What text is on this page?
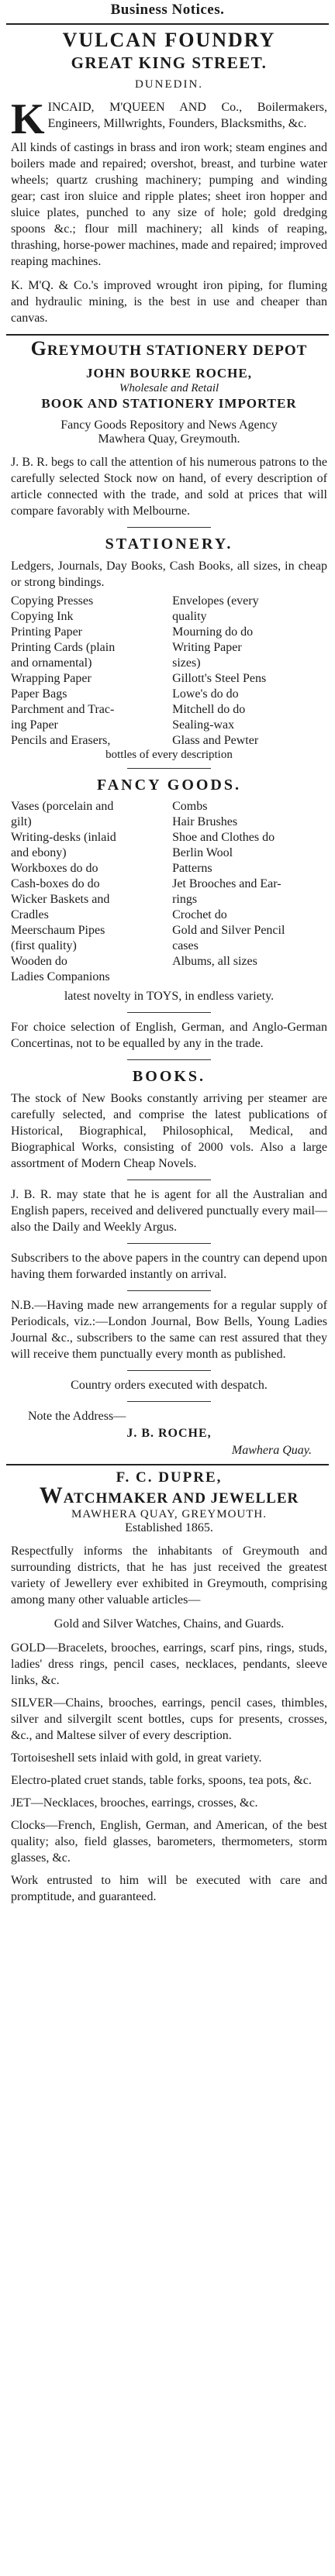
Business Notices.
VULCAN FOUNDRY
GREAT KING STREET.
DUNEDIN.

KINCAID, M'QUEEN AND Co., Boilermakers, Engineers, Millwrights, Founders, Blacksmiths, &c.

All kinds of castings in brass and iron work; steam engines and boilers made and repaired; overshot, breast, and turbine water wheels; quartz crushing machinery; pumping and winding gear; cast iron sluice and ripple plates; sheet iron hopper and sluice plates, punched to any size of hole; gold dredging spoons &c.; flour mill machinery; all kinds of reaping, thrashing, horse-power machines, made and repaired; improved reaping machines.

K. M'Q. & Co.'s improved wrought iron piping, for fluming and hydraulic mining, is the best in use and cheaper than canvas.

GREYMOUTH STATIONERY DEPOT
JOHN BOURKE ROCHE,
Wholesale and Retail
BOOK AND STATIONERY IMPORTER
Fancy Goods Repository and News Agency
Mawhera Quay, Greymouth.

J. B. R. begs to call the attention of his numerous patrons to the carefully selected Stock now on hand, of every description of article connected with the trade, and sold at prices that will compare favorably with Melbourne.

STATIONERY.

Ledgers, Journals, Day Books, Cash Books, all sizes, in cheap or strong bindings.

Copying Presses	Envelopes (every
Copying Ink	quality
Printing Paper	Mourning do do
Printing Cards (plain	Writing Paper
and ornamental)	sizes)
Wrapping Paper	Gillott's Steel Pens
Paper Bags	Lowe's do do
Parchment and Trac-	Mitchell do do
ing Paper	Sealing-wax
Pencils and Erasers,	Glass and Pewter
bottles of every description
FANCY GOODS.
Vases (porcelain and	Combs
gilt)	Hair Brushes
Writing-desks (inlaid	Shoe and Clothes do
and ebony)	Berlin Wool
Workboxes do do	Patterns
Cash-boxes do do	Jet Brooches and Ear-
Wicker Baskets and	rings
Cradles	Crochet do
Meerschaum Pipes	Gold and Silver Pencil
(first quality)	cases
Wooden do	Albums, all sizes
Ladies Companions

latest novelty in TOYS, in endless variety.

For choice selection of English, German, and Anglo-German Concertinas, not to be equalled by any in the trade.

BOOKS.

The stock of New Books constantly arriving per steamer are carefully selected, and comprise the latest publications of Historical, Biographical, Philosophical, Medical, and Biographical Works, consisting of 2000 vols. Also a large assortment of Modern Cheap Novels.

J. B. R. may state that he is agent for all the Australian and English papers, received and delivered punctually every mail—also the Daily and Weekly Argus.

Subscribers to the above papers in the country can depend upon having them forwarded instantly on arrival.

N.B.—Having made new arrangements for a regular supply of Periodicals, viz.:—London Journal, Bow Bells, Young Ladies Journal &c., subscribers to the same can rest assured that they will receive them punctually every month as published.

Country orders executed with despatch.

Note the Address—
J. B. ROCHE,
Mawhera Quay.
F. C. DUPRE,
WATCHMAKER AND JEWELLER
MAWHERA QUAY, GREYMOUTH.
Established 1865.

Respectfully informs the inhabitants of Greymouth and surrounding districts, that he has just received the greatest variety of Jewellery ever exhibited in Greymouth, comprising among many other valuable articles—

Gold and Silver Watches, Chains, and Guards.

GOLD—Bracelets, brooches, earrings, scarf pins, rings, studs, ladies' dress rings, pencil cases, necklaces, pendants, sleeve links, &c.

SILVER—Chains, brooches, earrings, pencil cases, thimbles, silver and silvergilt scent bottles, cups for presents, crosses, &c., and Maltese silver of every description.

Tortoiseshell sets inlaid with gold, in great variety.

Electro-plated cruet stands, table forks, spoons, tea pots, &c.

JET—Necklaces, brooches, earrings, crosses, &c.

Clocks—French, English, German, and American, of the best quality; also, field glasses, barometers, thermometers, storm glasses, &c.

Work entrusted to him will be executed with care and promptitude, and guaranteed.
